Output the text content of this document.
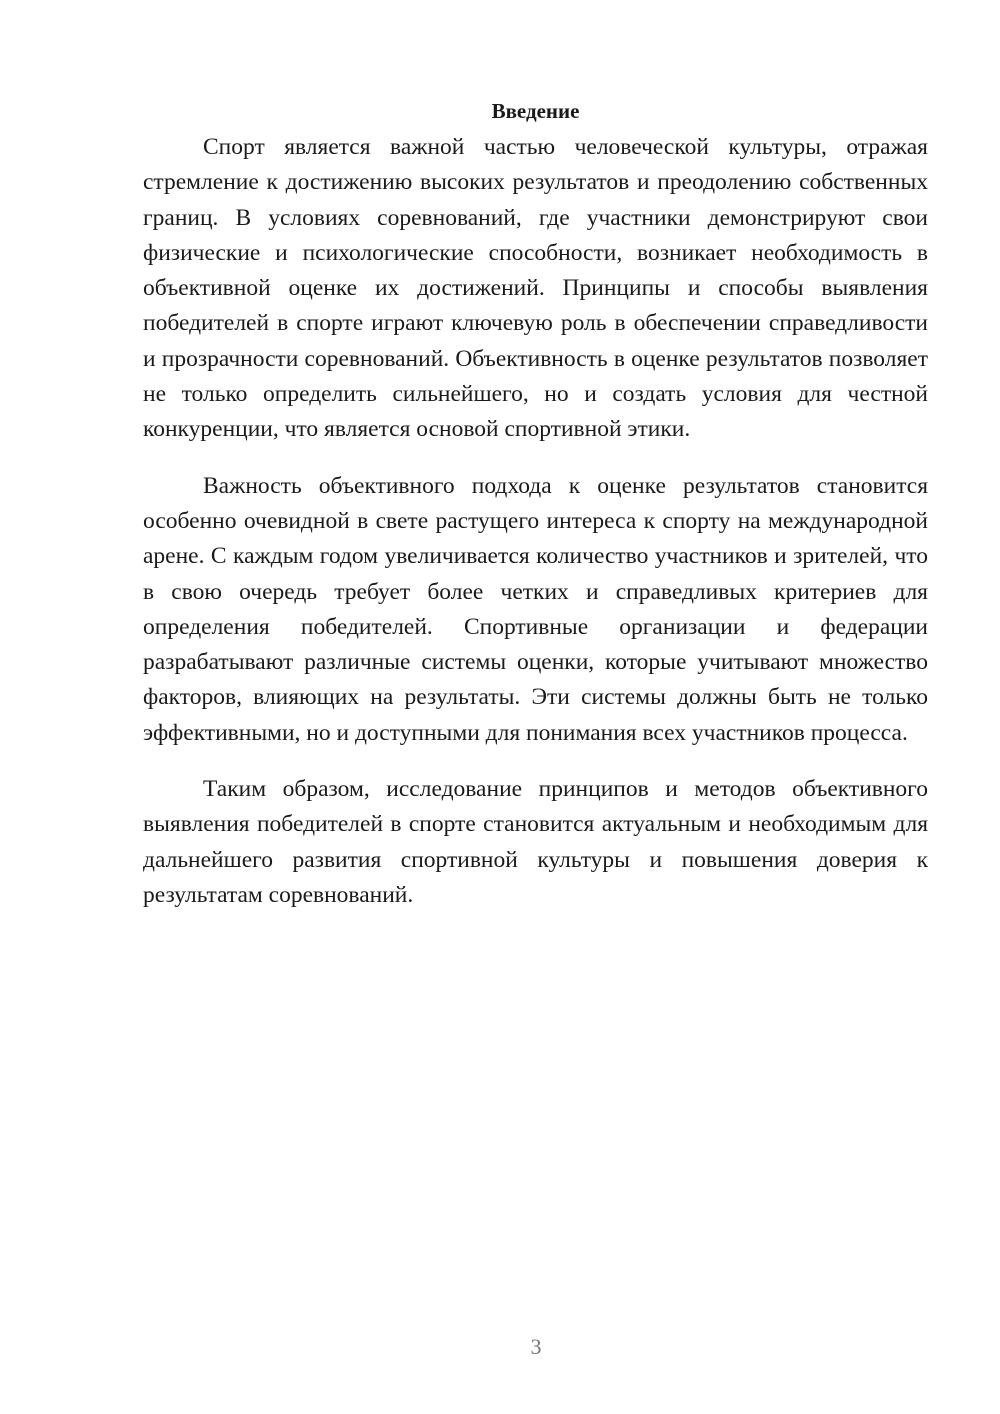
Введение

Спорт является важной частью человеческой культуры, отражая стремление к достижению высоких результатов и преодолению собственных границ. В условиях соревнований, где участники демонстрируют свои физические и психологические способности, возникает необходимость в объективной оценке их достижений. Принципы и способы выявления победителей в спорте играют ключевую роль в обеспечении справедливости и прозрачности соревнований. Объективность в оценке результатов позволяет не только определить сильнейшего, но и создать условия для честной конкуренции, что является основой спортивной этики.

Важность объективного подхода к оценке результатов становится особенно очевидной в свете растущего интереса к спорту на международной арене. С каждым годом увеличивается количество участников и зрителей, что в свою очередь требует более четких и справедливых критериев для определения победителей. Спортивные организации и федерации разрабатывают различные системы оценки, которые учитывают множество факторов, влияющих на результаты. Эти системы должны быть не только эффективными, но и доступными для понимания всех участников процесса.

Таким образом, исследование принципов и методов объективного выявления победителей в спорте становится актуальным и необходимым для дальнейшего развития спортивной культуры и повышения доверия к результатам соревнований.

3
